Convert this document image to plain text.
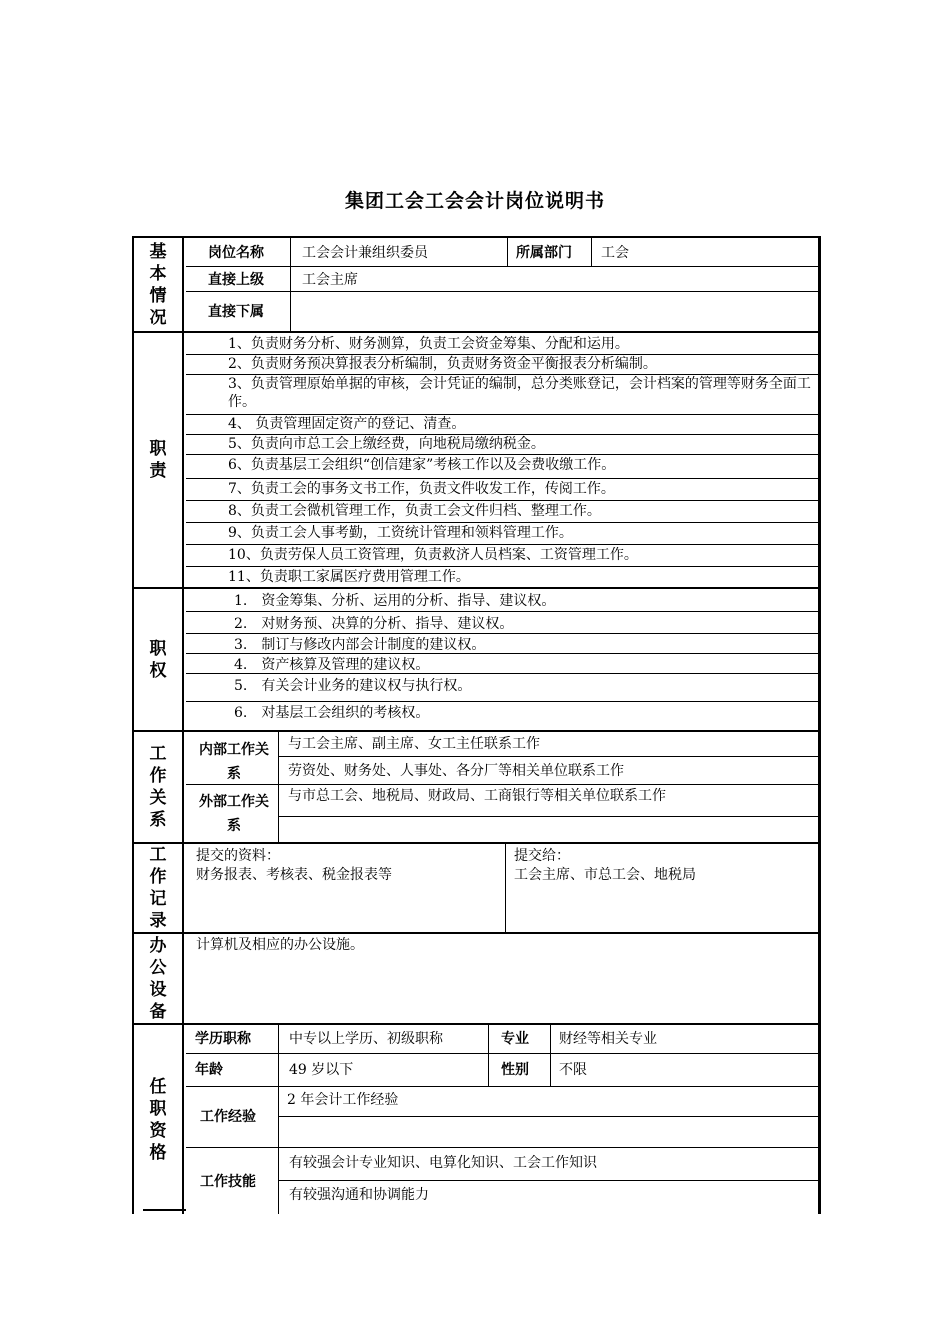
集团工会工会会计岗位说明书
基本情况
岗位名称	工会会计兼组织委员	所属部门 工会
直接上级	工会主席
直接下属
职责
1、负责财务分析、财务测算，负责工会资金筹集、分配和运用。
2、负责财务预决算报表分析编制，负责财务资金平衡报表分析编制。
3、负责管理原始单据的审核，会计凭证的编制，总分类账登记，会计档案的管理等财务全面工作。
4、 负责管理固定资产的登记、清查。
5、负责向市总工会上缴经费，向地税局缴纳税金。
6、负责基层工会组织“创信建家”考核工作以及会费收缴工作。
7、负责工会的事务文书工作，负责文件收发工作，传阅工作。
8、负责工会微机管理工作，负责工会文件归档、整理工作。
9、负责工会人事考勤，工资统计管理和领料管理工作。
10、负责劳保人员工资管理，负责救济人员档案、工资管理工作。
11、负责职工家属医疗费用管理工作。
职权
1.　资金筹集、分析、运用的分析、指导、建议权。
2.　对财务预、决算的分析、指导、建议权。
3.　制订与修改内部会计制度的建议权。
4.　资产核算及管理的建议权。
5.　有关会计业务的建议权与执行权。
6.　对基层工会组织的考核权。
工作关系
内部工作关系
与工会主席、副主席、女工主任联系工作
劳资处、财务处、人事处、各分厂等相关单位联系工作
外部工作关系
与市总工会、地税局、财政局、工商银行等相关单位联系工作
工作记录
提交的资料：
财务报表、考核表、税金报表等
提交给：
工会主席、市总工会、地税局
办公设备
计算机及相应的办公设施。
任职资格
学历职称	中专以上学历、初级职称	专业 财经等相关专业
年龄	49 岁以下	性别 不限
工作经验
2 年会计工作经验
工作技能
有较强会计专业知识、电算化知识、工会工作知识
有较强沟通和协调能力
